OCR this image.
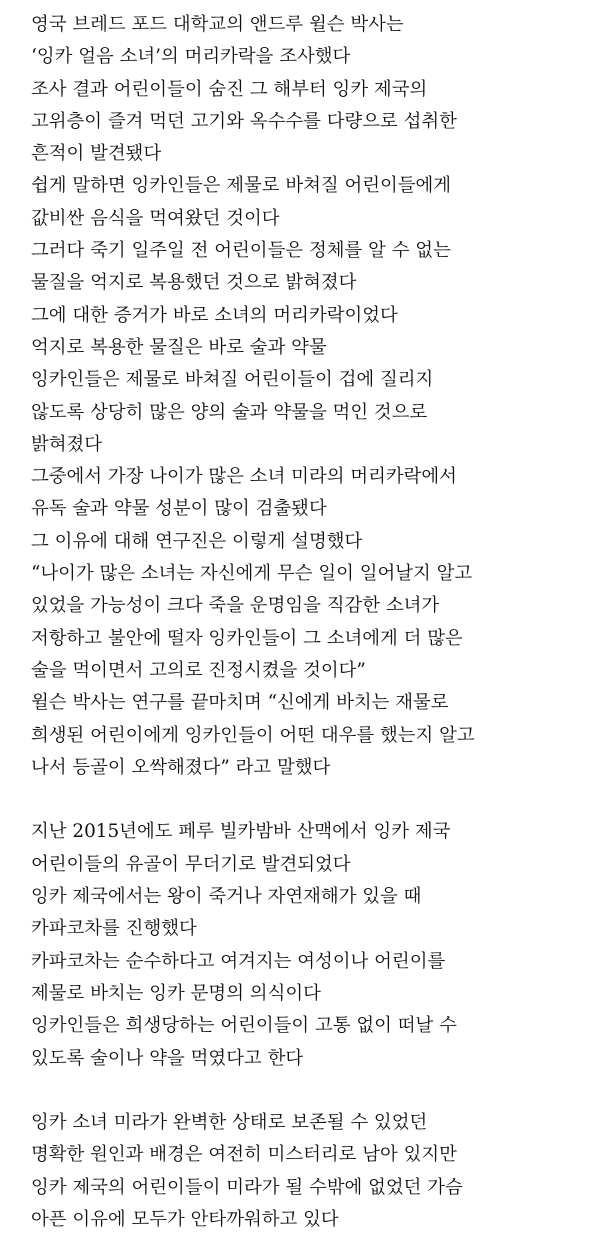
영국 브레드 포드 대학교의 앤드루 윌슨 박사는
‘잉카 얼음 소녀’의 머리카락을 조사했다
조사 결과 어린이들이 숨진 그 해부터 잉카 제국의
고위층이 즐겨 먹던 고기와 옥수수를 다량으로 섭취한
흔적이 발견됐다
쉽게 말하면 잉카인들은 제물로 바쳐질 어린이들에게
값비싼 음식을 먹여왔던 것이다
그러다 죽기 일주일 전 어린이들은 정체를 알 수 없는
물질을 억지로 복용했던 것으로 밝혀졌다
그에 대한 증거가 바로 소녀의 머리카락이었다
억지로 복용한 물질은 바로 술과 약물
잉카인들은 제물로 바쳐질 어린이들이 겁에 질리지
않도록 상당히 많은 양의 술과 약물을 먹인 것으로
밝혀졌다
그중에서 가장 나이가 많은 소녀 미라의 머리카락에서
유독 술과 약물 성분이 많이 검출됐다
그 이유에 대해 연구진은 이렇게 설명했다
“나이가 많은 소녀는 자신에게 무슨 일이 일어날지 알고
있었을 가능성이 크다 죽을 운명임을 직감한 소녀가
저항하고 불안에 떨자 잉카인들이 그 소녀에게 더 많은
술을 먹이면서 고의로 진정시켰을 것이다”
윌슨 박사는 연구를 끝마치며 “신에게 바치는 재물로
희생된 어린이에게 잉카인들이 어떤 대우를 했는지 알고
나서 등골이 오싹해졌다” 라고 말했다
지난 2015년에도 페루 빌카밤바 산맥에서 잉카 제국
어린이들의 유골이 무더기로 발견되었다
잉카 제국에서는 왕이 죽거나 자연재해가 있을 때
카파코차를 진행했다
카파코차는 순수하다고 여겨지는 여성이나 어린이를
제물로 바치는 잉카 문명의 의식이다
잉카인들은 희생당하는 어린이들이 고통 없이 떠날 수
있도록 술이나 약을 먹였다고 한다
잉카 소녀 미라가 완벽한 상태로 보존될 수 있었던
명확한 원인과 배경은 여전히 미스터리로 남아 있지만
잉카 제국의 어린이들이 미라가 될 수밖에 없었던 가슴
아픈 이유에 모두가 안타까워하고 있다
